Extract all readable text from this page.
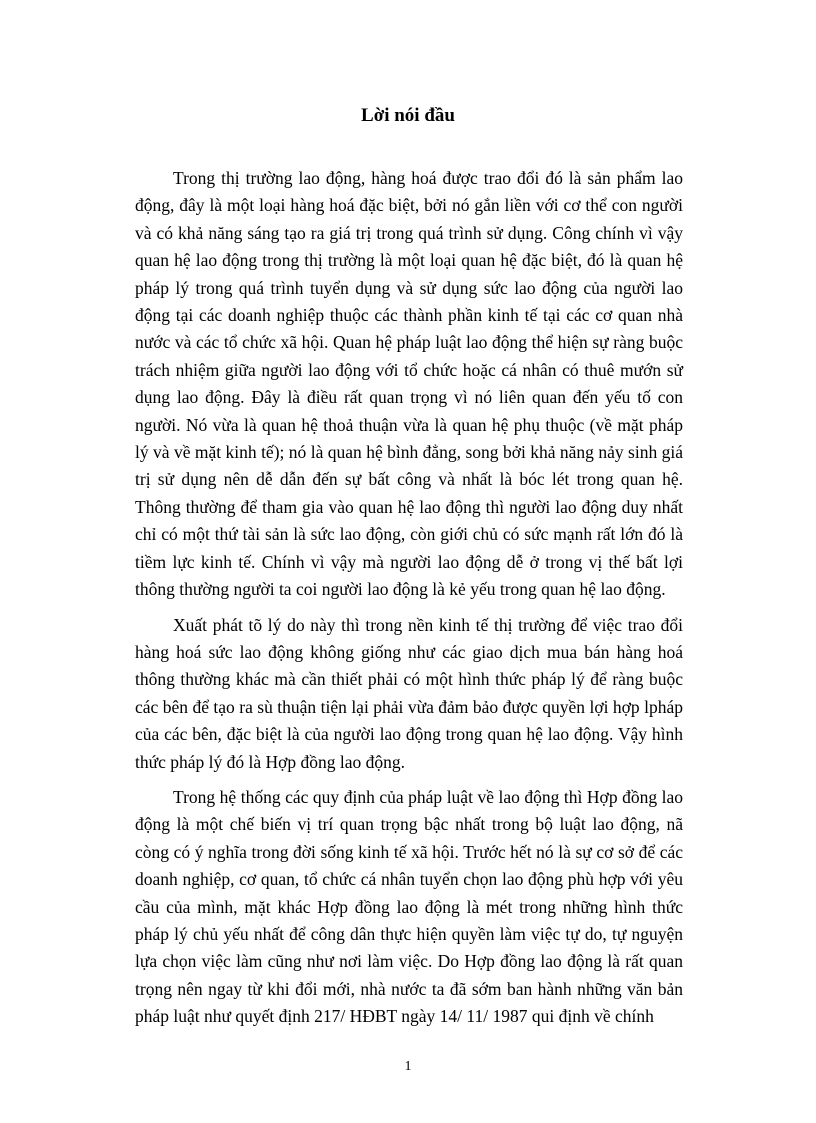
Lời nói đầu

Trong thị trường lao động, hàng hoá được trao đổi đó là sản phẩm lao động, đây là một loại hàng hoá đặc biệt, bởi nó gắn liền với cơ thể con người và có khả năng sáng tạo ra giá trị trong quá trình sử dụng. Công chính vì vậy quan hệ lao động trong thị trường là một loại quan hệ đặc biệt, đó là quan hệ pháp lý trong quá trình tuyển dụng và sử dụng sức lao động của người lao động tại các doanh nghiệp thuộc các thành phần kinh tế tại các cơ quan nhà nước và các tổ chức xã hội. Quan hệ pháp luật lao động thể hiện sự ràng buộc trách nhiệm giữa người lao động với tổ chức hoặc cá nhân có thuê mướn sử dụng lao động. Đây là điều rất quan trọng vì nó liên quan đến yếu tố con người. Nó vừa là quan hệ thoả thuận vừa là quan hệ phụ thuộc (về mặt pháp lý và về mặt kinh tế); nó là quan hệ bình đẳng, song bởi khả năng nảy sinh giá trị sử dụng nên dễ dẫn đến sự bất công và nhất là bóc lét trong quan hệ. Thông thường để tham gia vào quan hệ lao động thì người lao động duy nhất chỉ có một thứ tài sản là sức lao động, còn giới chủ có sức mạnh rất lớn đó là tiềm lực kinh tế. Chính vì vậy mà người lao động dễ ở trong vị thế bất lợi thông thường người ta coi người lao động là kẻ yếu trong quan hệ lao động.

Xuất phát tõ lý do này thì trong nền kinh tế thị trường để việc trao đổi hàng hoá sức lao động không giống như các giao dịch mua bán hàng hoá thông thường khác mà cần thiết phải có một hình thức pháp lý để ràng buộc các bên để tạo ra sù thuận tiện lại phải vừa đảm bảo được quyền lợi hợp lpháp của các bên, đặc biệt là của người lao động trong quan hệ lao động. Vậy hình thức pháp lý đó là Hợp đồng lao động.

Trong hệ thống các quy định của pháp luật về lao động thì Hợp đồng lao động là một chế biến vị trí quan trọng bậc nhất trong bộ luật lao động, nã còng có ý nghĩa trong đời sống kinh tế xã hội. Trước hết nó là sự cơ sở để các doanh nghiệp, cơ quan, tổ chức cá nhân tuyển chọn lao động phù hợp với yêu cầu của mình, mặt khác Hợp đồng lao động là mét trong những hình thức pháp lý chủ yếu nhất để công dân thực hiện quyền làm việc tự do, tự nguyện lựa chọn việc làm cũng như nơi làm việc. Do Hợp đồng lao động là rất quan trọng nên ngay từ khi đổi mới, nhà nước ta đã sớm ban hành những văn bản pháp luật như quyết định 217/ HĐBT ngày 14/ 11/ 1987 qui định về chính

1
